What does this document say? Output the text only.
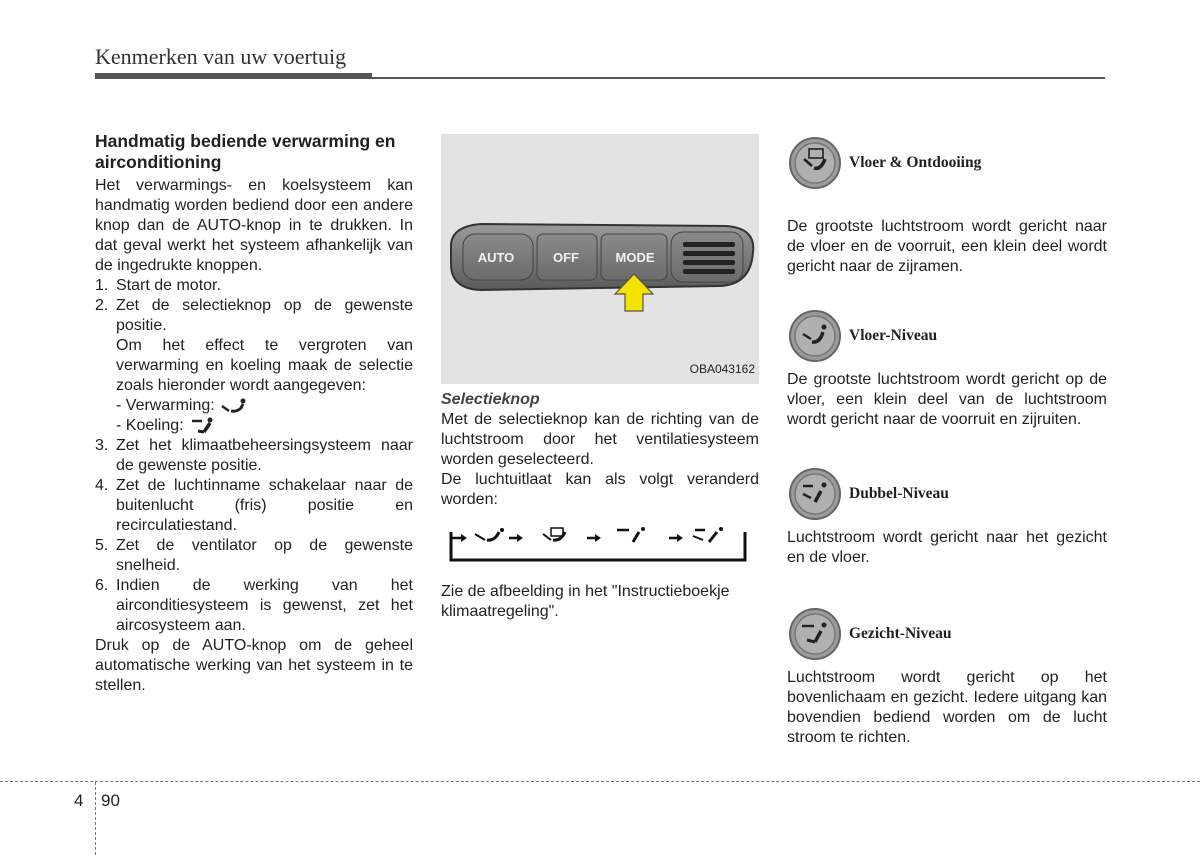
Kenmerken van uw voertuig
Handmatig bediende verwarming en airconditioning

Het verwarmings- en koelsysteem kan handmatig worden bediend door een andere knop dan de AUTO-knop in te drukken. In dat geval werkt het systeem afhankelijk van de ingedrukte knoppen.

1. Start de motor.
2. Zet de selectieknop op de gewenste positie.

Om het effect te vergroten van verwarming en koeling maak de selectie zoals hieronder wordt aangegeven:

- Verwarming:
- Koeling:
3. Zet het klimaatbeheersingsysteem naar de gewenste positie.
4. Zet de luchtinname schakelaar naar de buitenlucht (fris) positie en recirculatiestand.
5. Zet de ventilator op de gewenste snelheid.
6. Indien de werking van het airconditiesysteem is gewenst, zet het aircosysteem aan.

Druk op de AUTO-knop om de geheel automatische werking van het systeem in te stellen.

AUTO	OFF	MODE
OBA043162
Selectieknop

Met de selectieknop kan de richting van de luchtstroom door het ventilatiesysteem worden geselecteerd.

De luchtuitlaat kan als volgt veranderd worden:

Zie de afbeelding in het "Instructieboekje klimaatregeling".

Vloer & Ontdooiing

De grootste luchtstroom wordt gericht naar de vloer en de voorruit, een klein deel wordt gericht naar de zijramen.

Vloer-Niveau

De grootste luchtstroom wordt gericht op de vloer, een klein deel van de luchtstroom wordt gericht naar de voorruit en zijruiten.

Dubbel-Niveau

Luchtstroom wordt gericht naar het gezicht en de vloer.

Gezicht-Niveau

Luchtstroom wordt gericht op het bovenlichaam en gezicht. Iedere uitgang kan bovendien bediend worden om de lucht stroom te richten.

4 90
